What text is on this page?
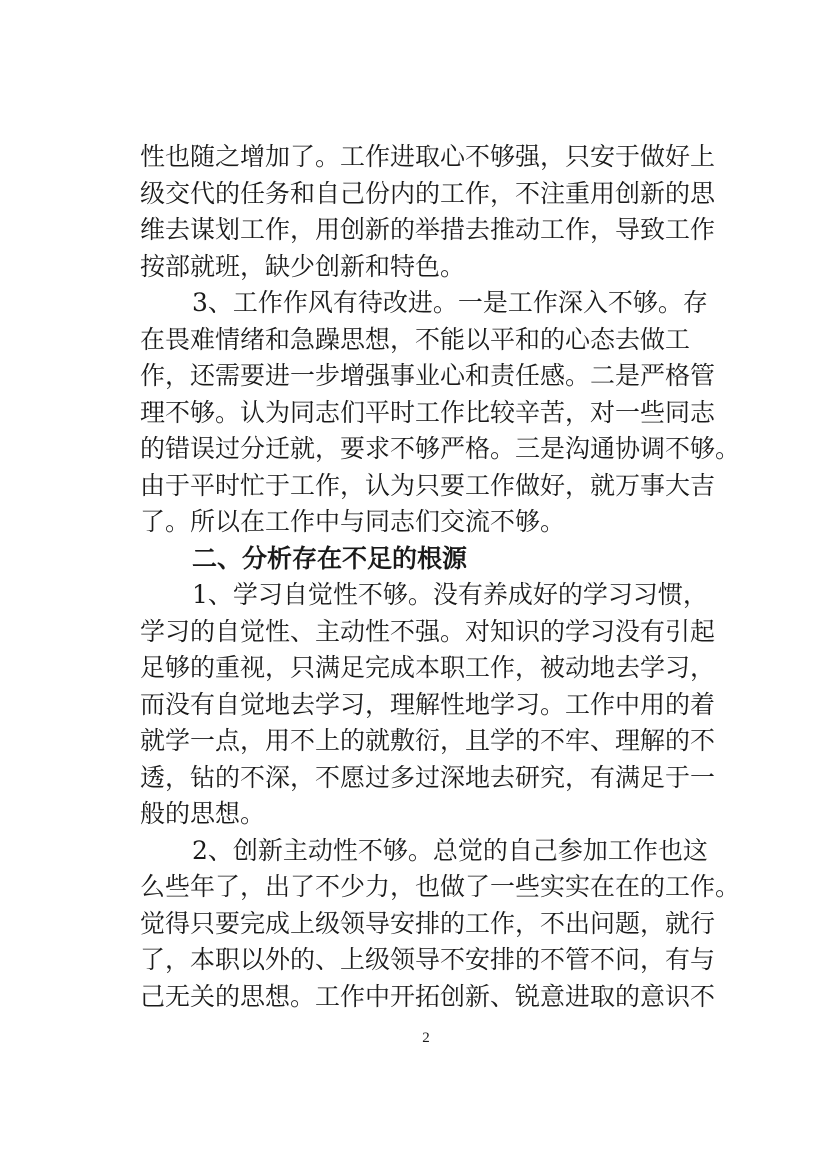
性也随之增加了。工作进取心不够强，只安于做好上
级交代的任务和自己份内的工作，不注重用创新的思
维去谋划工作，用创新的举措去推动工作，导致工作
按部就班，缺少创新和特色。
3、工作作风有待改进。一是工作深入不够。存
在畏难情绪和急躁思想，不能以平和的心态去做工
作，还需要进一步增强事业心和责任感。二是严格管
理不够。认为同志们平时工作比较辛苦，对一些同志
的错误过分迁就，要求不够严格。三是沟通协调不够。
由于平时忙于工作，认为只要工作做好，就万事大吉
了。所以在工作中与同志们交流不够。
二、分析存在不足的根源
1、学习自觉性不够。没有养成好的学习习惯，
学习的自觉性、主动性不强。对知识的学习没有引起
足够的重视，只满足完成本职工作，被动地去学习，
而没有自觉地去学习，理解性地学习。工作中用的着
就学一点，用不上的就敷衍，且学的不牢、理解的不
透，钻的不深，不愿过多过深地去研究，有满足于一
般的思想。
2、创新主动性不够。总觉的自己参加工作也这
么些年了，出了不少力，也做了一些实实在在的工作。
觉得只要完成上级领导安排的工作，不出问题，就行
了，本职以外的、上级领导不安排的不管不问，有与
己无关的思想。工作中开拓创新、锐意进取的意识不
2
